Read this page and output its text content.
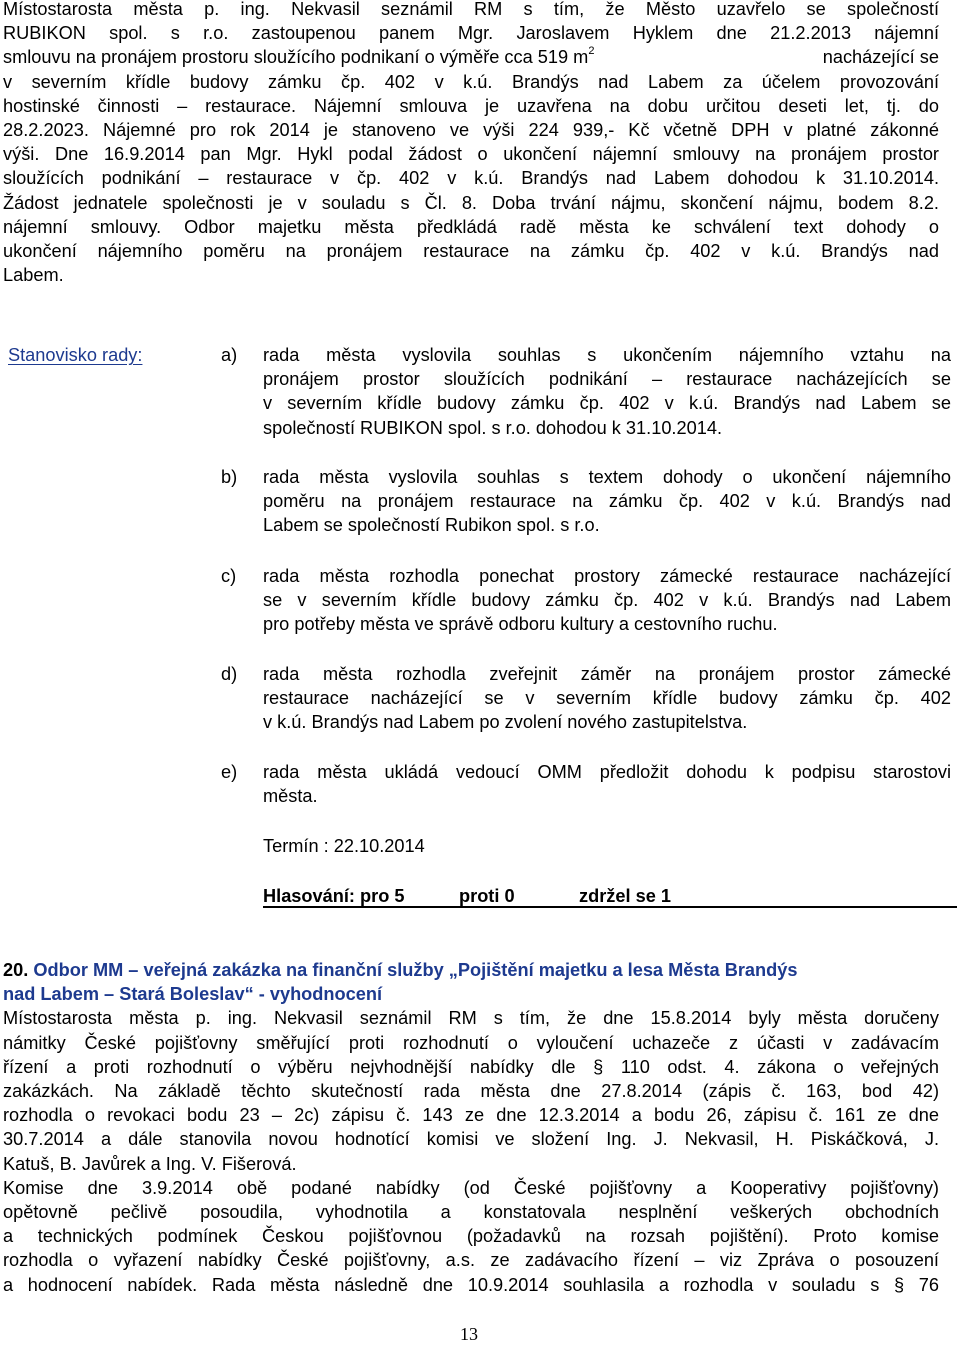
Místostarosta města p. ing. Nekvasil seznámil RM s tím, že Město uzavřelo se společností
RUBIKON spol. s r.o. zastoupenou panem Mgr. Jaroslavem Hyklem dne 21.2.2013 nájemní
smlouvu na pronájem prostoru sloužícího podnikaní o výměře cca 519 $m^2$	nacházející se
v severním křídle budovy zámku čp. 402 v k.ú. Brandýs nad Labem za účelem provozování
hostinské činnosti – restaurace. Nájemní smlouva je uzavřena na dobu určitou deseti let, tj. do
28.2.2023. Nájemné pro rok 2014 je stanoveno ve výši 224 939,- Kč včetně DPH v platné zákonné
výši. Dne 16.9.2014 pan Mgr. Hykl podal žádost o ukončení nájemní smlouvy na pronájem prostor
sloužících podnikání – restaurace v čp. 402 v k.ú. Brandýs nad Labem dohodou k 31.10.2014.
Žádost jednatele společnosti je v souladu s Čl. 8. Doba trvání nájmu, skončení nájmu, bodem 8.2.
nájemní smlouvy. Odbor majetku města předkládá radě města ke schválení text dohody o
ukončení nájemního poměru na pronájem restaurace na zámku čp. 402 v k.ú. Brandýs nad
Labem.
Stanovisko rady:	a) rada města vyslovila souhlas s ukončením nájemního vztahu na
pronájem prostor sloužících podnikání – restaurace nacházejících se
v severním křídle budovy zámku čp. 402 v k.ú. Brandýs nad Labem se
společností RUBIKON spol. s r.o. dohodou k 31.10.2014.
b) rada města vyslovila souhlas s textem dohody o ukončení nájemního
poměru na pronájem restaurace na zámku čp. 402 v k.ú. Brandýs nad
Labem se společností Rubikon spol. s r.o.
c) rada města rozhodla ponechat prostory zámecké restaurace nacházející
se v severním křídle budovy zámku čp. 402 v k.ú. Brandýs nad Labem
pro potřeby města ve správě odboru kultury a cestovního ruchu.
d) rada města rozhodla zveřejnit záměr na pronájem prostor zámecké
restaurace nacházející se v severním křídle budovy zámku čp. 402
v k.ú. Brandýs nad Labem po zvolení nového zastupitelstva.
e) rada města ukládá vedoucí OMM předložit dohodu k podpisu starostovi
města.
Termín : 22.10.2014
Hlasování: pro 5	proti 0	zdržel se 1
20. Odbor MM – veřejná zakázka na finanční služby „Pojištění majetku a lesa Města Brandýs
nad Labem – Stará Boleslav“ - vyhodnocení
Místostarosta města p. ing. Nekvasil seznámil RM s tím, že dne 15.8.2014 byly města doručeny
námitky České pojišťovny směřující proti rozhodnutí o vyloučení uchazeče z účasti v zadávacím
řízení a proti rozhodnutí o výběru nejvhodnější nabídky dle § 110 odst. 4. zákona o veřejných
zakázkách. Na základě těchto skutečností rada města dne 27.8.2014 (zápis č. 163, bod 42)
rozhodla o revokaci bodu 23 – 2c) zápisu č. 143 ze dne 12.3.2014 a bodu 26, zápisu č. 161 ze dne
30.7.2014 a dále stanovila novou hodnotící komisi ve složení Ing. J. Nekvasil, H. Piskáčková, J.
Katuš, B. Javůrek a Ing. V. Fišerová.
Komise dne 3.9.2014 obě podané nabídky (od České pojišťovny a Kooperativy pojišťovny)
opětovně pečlivě posoudila, vyhodnotila a konstatovala nesplnění veškerých obchodních
a technických podmínek Českou pojišťovnou (požadavků na rozsah pojištění). Proto komise
rozhodla o vyřazení nabídky České pojišťovny, a.s. ze zadávacího řízení – viz Zpráva o posouzení
a hodnocení nabídek. Rada města následně dne 10.9.2014 souhlasila a rozhodla v souladu s § 76
13
